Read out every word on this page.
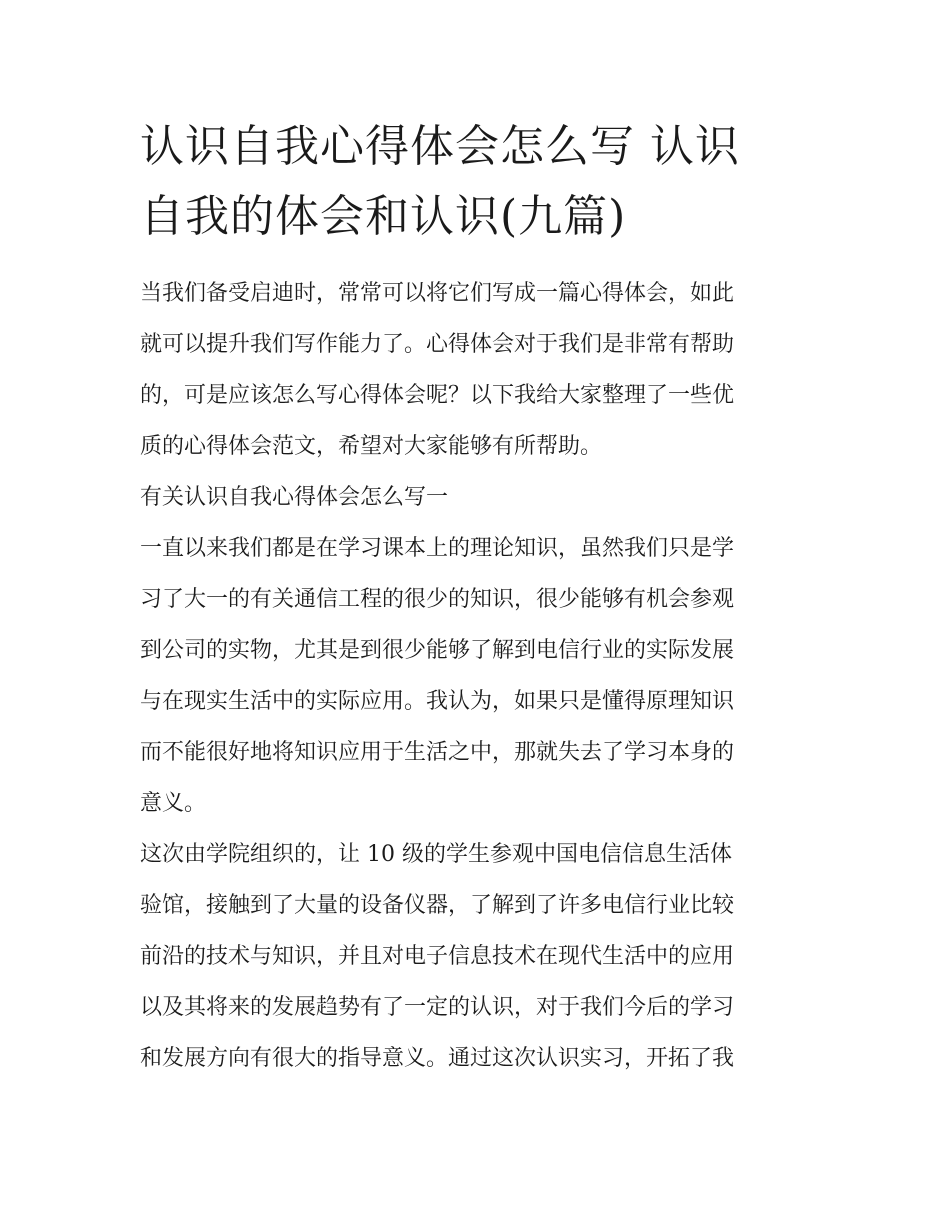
认识自我心得体会怎么写 认识
自我的体会和认识(九篇)
当我们备受启迪时，常常可以将它们写成一篇心得体会，如此
就可以提升我们写作能力了。心得体会对于我们是非常有帮助
的，可是应该怎么写心得体会呢？以下我给大家整理了一些优
质的心得体会范文，希望对大家能够有所帮助。
有关认识自我心得体会怎么写一
一直以来我们都是在学习课本上的理论知识，虽然我们只是学
习了大一的有关通信工程的很少的知识，很少能够有机会参观
到公司的实物，尤其是到很少能够了解到电信行业的实际发展
与在现实生活中的实际应用。我认为，如果只是懂得原理知识
而不能很好地将知识应用于生活之中，那就失去了学习本身的
意义。
这次由学院组织的，让 10 级的学生参观中国电信信息生活体
验馆，接触到了大量的设备仪器，了解到了许多电信行业比较
前沿的技术与知识，并且对电子信息技术在现代生活中的应用
以及其将来的发展趋势有了一定的认识，对于我们今后的学习
和发展方向有很大的指导意义。通过这次认识实习，开拓了我
